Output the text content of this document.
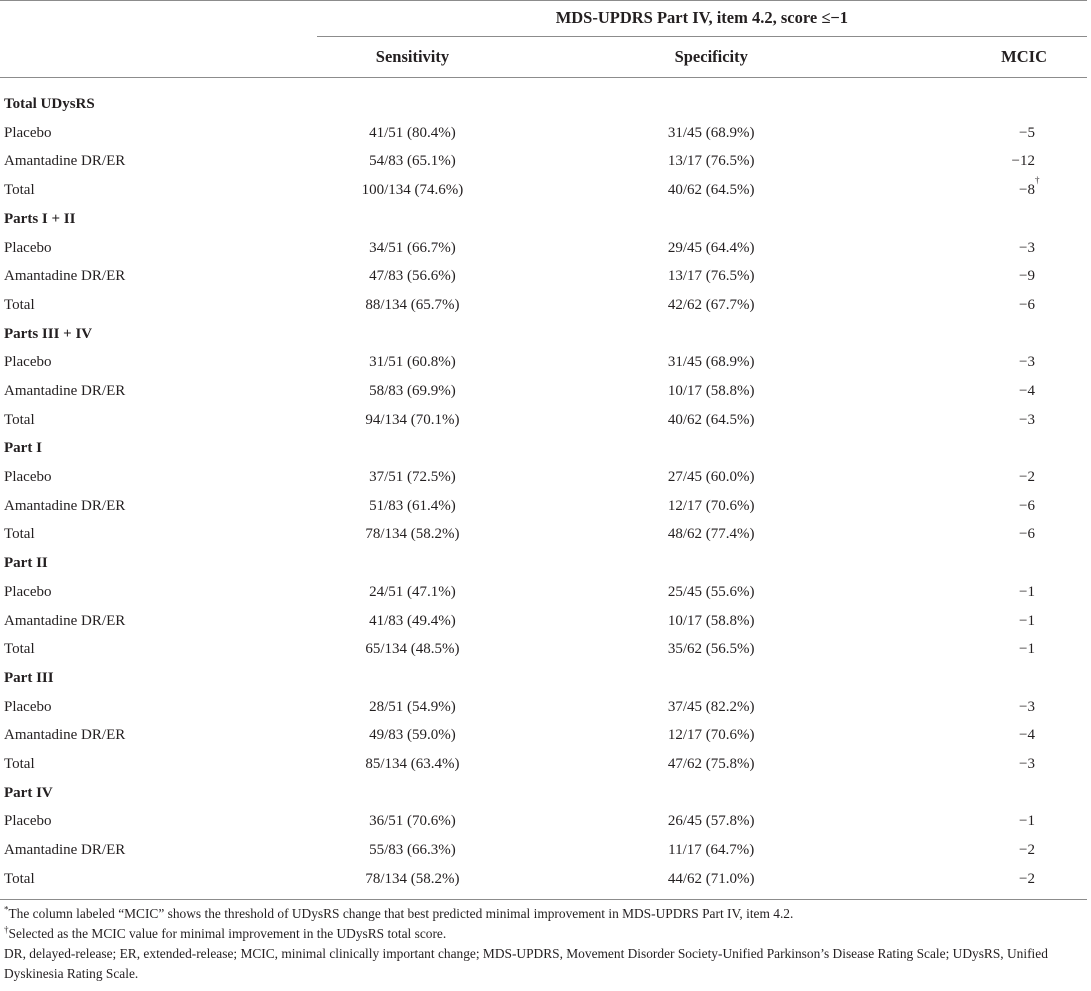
	MDS-UPDRS Part IV, item 4.2, score ≤−1		
	Sensitivity	Specificity	MCIC
Total UDysRS			
Placebo	41/51 (80.4%)	31/45 (68.9%)	−5
Amantadine DR/ER	54/83 (65.1%)	13/17 (76.5%)	−12
Total	100/134 (74.6%)	40/62 (64.5%)	−8
†

Parts I + II			
Placebo	34/51 (66.7%)	29/45 (64.4%)	−3
Amantadine DR/ER	47/83 (56.6%)	13/17 (76.5%)	−9
Total	88/134 (65.7%)	42/62 (67.7%)	−6
Parts III + IV			
Placebo	31/51 (60.8%)	31/45 (68.9%)	−3
Amantadine DR/ER	58/83 (69.9%)	10/17 (58.8%)	−4
Total	94/134 (70.1%)	40/62 (64.5%)	−3
Part I			
Placebo	37/51 (72.5%)	27/45 (60.0%)	−2
Amantadine DR/ER	51/83 (61.4%)	12/17 (70.6%)	−6
Total	78/134 (58.2%)	48/62 (77.4%)	−6
Part II			
Placebo	24/51 (47.1%)	25/45 (55.6%)	−1
Amantadine DR/ER	41/83 (49.4%)	10/17 (58.8%)	−1
Total	65/134 (48.5%)	35/62 (56.5%)	−1
Part III			
Placebo	28/51 (54.9%)	37/45 (82.2%)	−3
Amantadine DR/ER	49/83 (59.0%)	12/17 (70.6%)	−4
Total	85/134 (63.4%)	47/62 (75.8%)	−3
Part IV			
Placebo	36/51 (70.6%)	26/45 (57.8%)	−1
Amantadine DR/ER	55/83 (66.3%)	11/17 (64.7%)	−2
Total	78/134 (58.2%)	44/62 (71.0%)	−2

*The column labeled “MCIC” shows the threshold of UDysRS change that best predicted minimal improvement in MDS-UPDRS Part IV, item 4.2.

†Selected as the MCIC value for minimal improvement in the UDysRS total score.

DR, delayed-release; ER, extended-release; MCIC, minimal clinically important change; MDS-UPDRS, Movement Disorder Society-Unified Parkinson’s Disease Rating Scale; UDysRS, Unified Dyskinesia Rating Scale.
